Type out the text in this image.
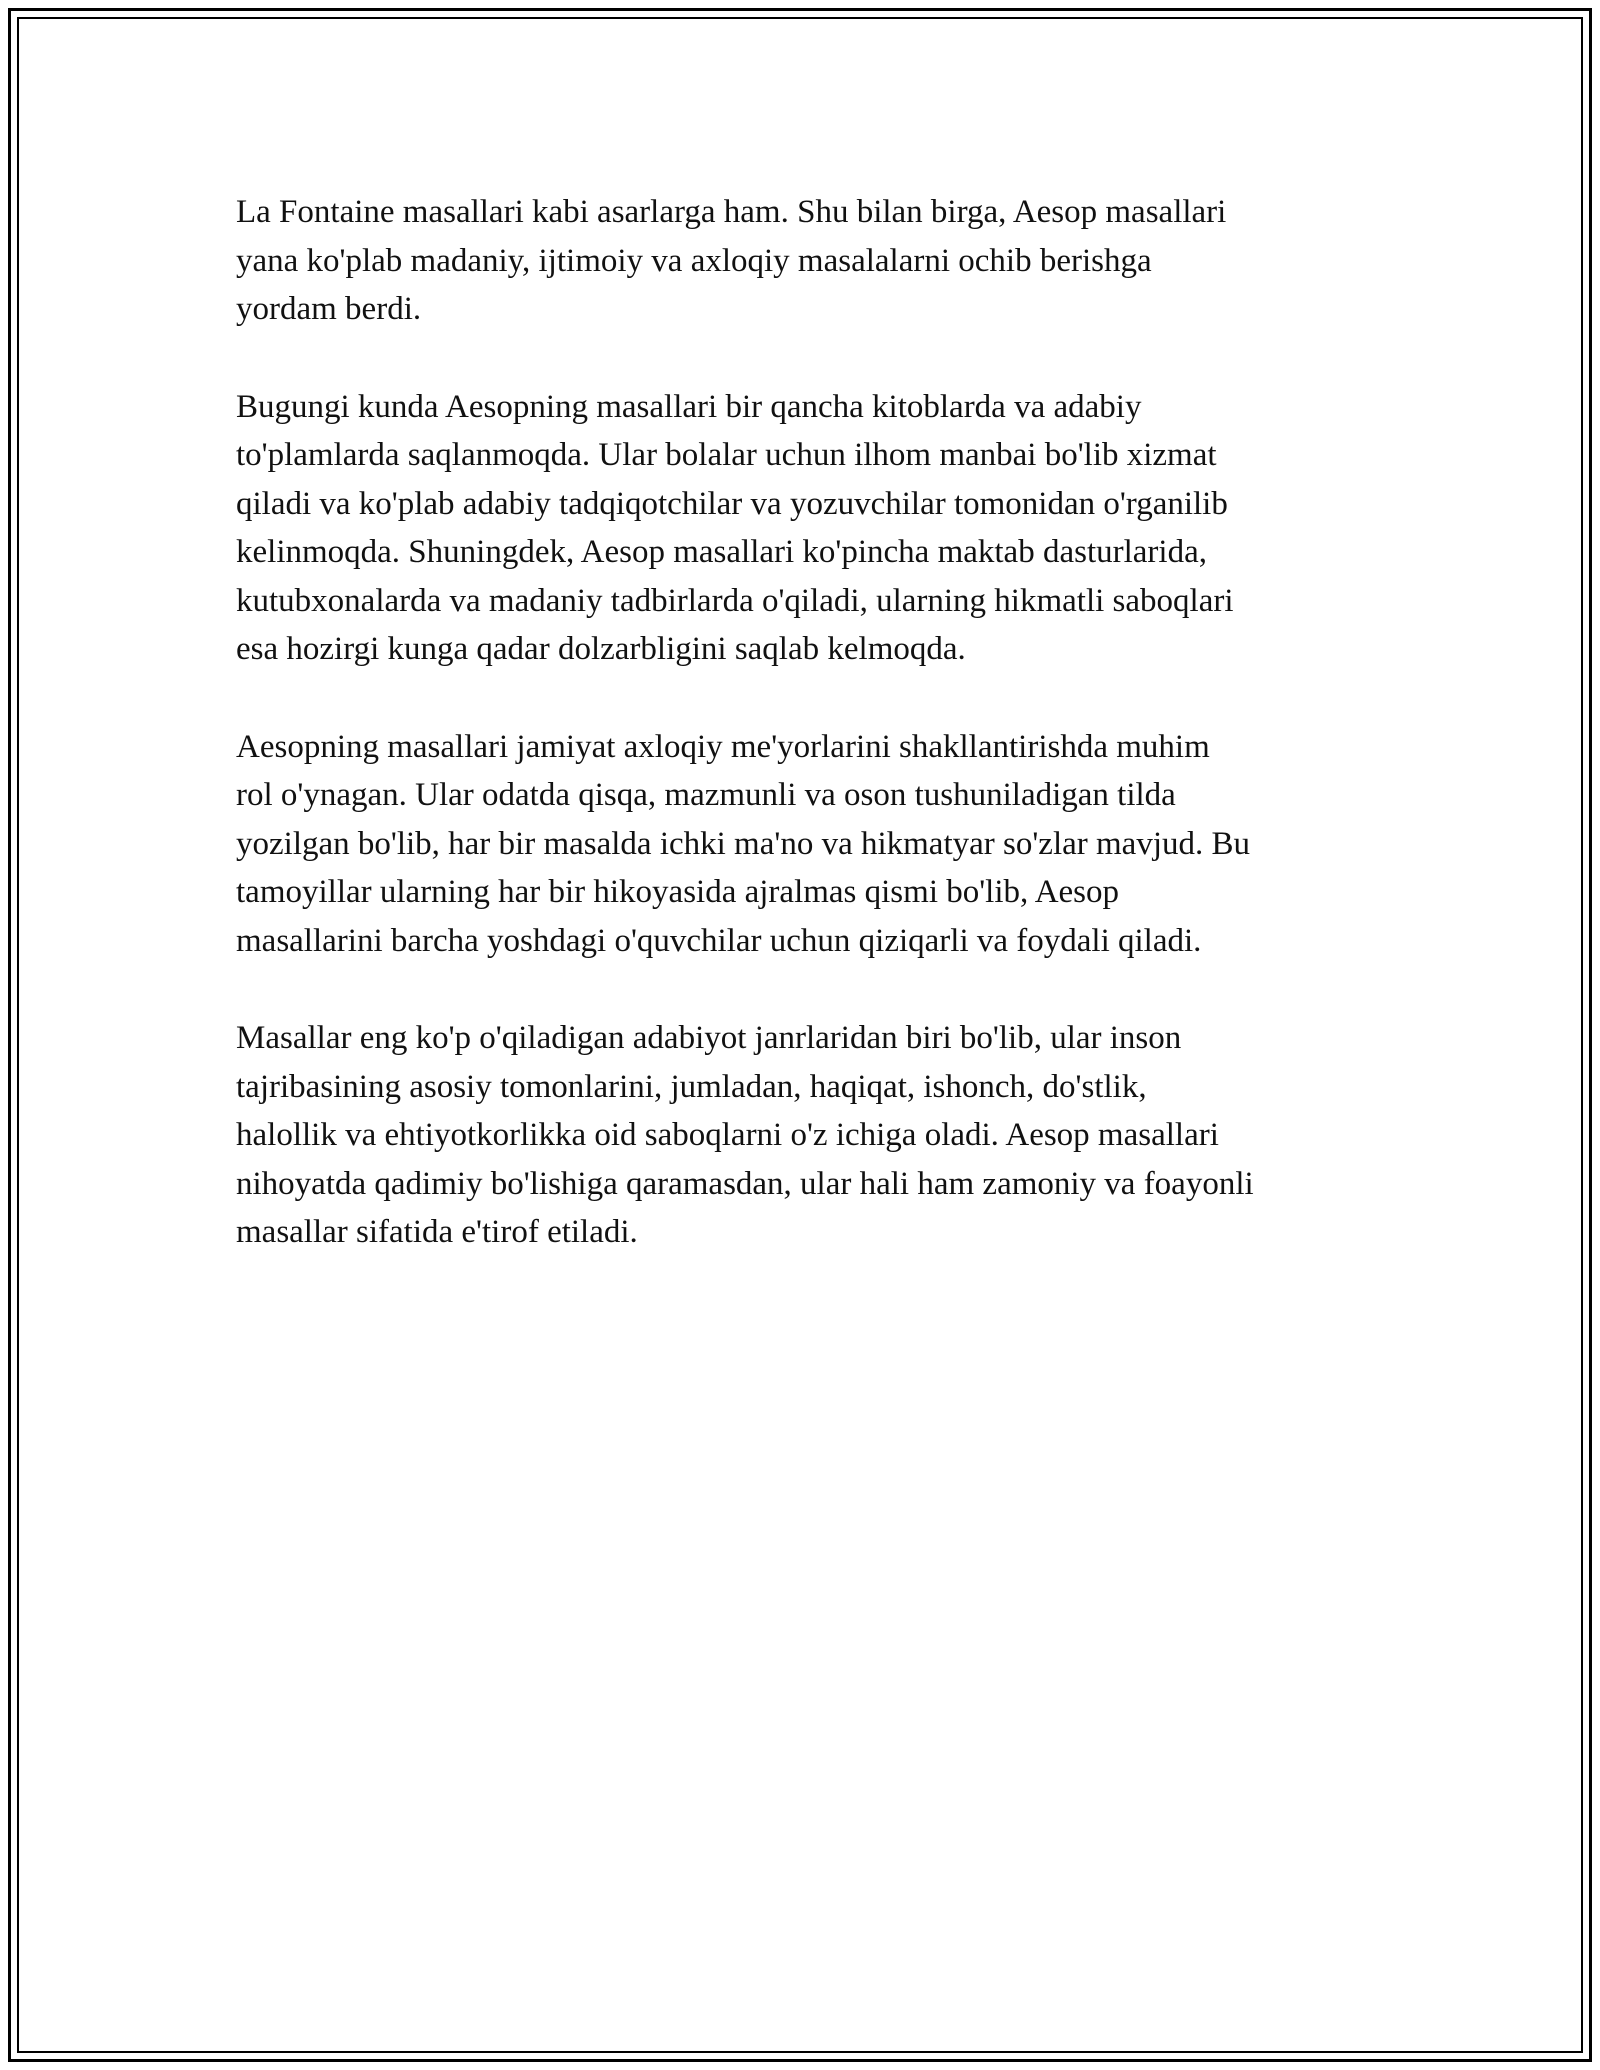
La Fontaine masallari kabi asarlarga ham. Shu bilan birga, Aesop masallari
yana ko'plab madaniy, ijtimoiy va axloqiy masalalarni ochib berishga
yordam berdi.

Bugungi kunda Aesopning masallari bir qancha kitoblarda va adabiy
to'plamlarda saqlanmoqda. Ular bolalar uchun ilhom manbai bo'lib xizmat
qiladi va ko'plab adabiy tadqiqotchilar va yozuvchilar tomonidan o'rganilib
kelinmoqda. Shuningdek, Aesop masallari ko'pincha maktab dasturlarida,
kutubxonalarda va madaniy tadbirlarda o'qiladi, ularning hikmatli saboqlari
esa hozirgi kunga qadar dolzarbligini saqlab kelmoqda.

Aesopning masallari jamiyat axloqiy me'yorlarini shakllantirishda muhim
rol o'ynagan. Ular odatda qisqa, mazmunli va oson tushuniladigan tilda
yozilgan bo'lib, har bir masalda ichki ma'no va hikmatyar so'zlar mavjud. Bu
tamoyillar ularning har bir hikoyasida ajralmas qismi bo'lib, Aesop
masallarini barcha yoshdagi o'quvchilar uchun qiziqarli va foydali qiladi.

Masallar eng ko'p o'qiladigan adabiyot janrlaridan biri bo'lib, ular inson
tajribasining asosiy tomonlarini, jumladan, haqiqat, ishonch, do'stlik,
halollik va ehtiyotkorlikka oid saboqlarni o'z ichiga oladi. Aesop masallari
nihoyatda qadimiy bo'lishiga qaramasdan, ular hali ham zamoniy va foayonli
masallar sifatida e'tirof etiladi.
